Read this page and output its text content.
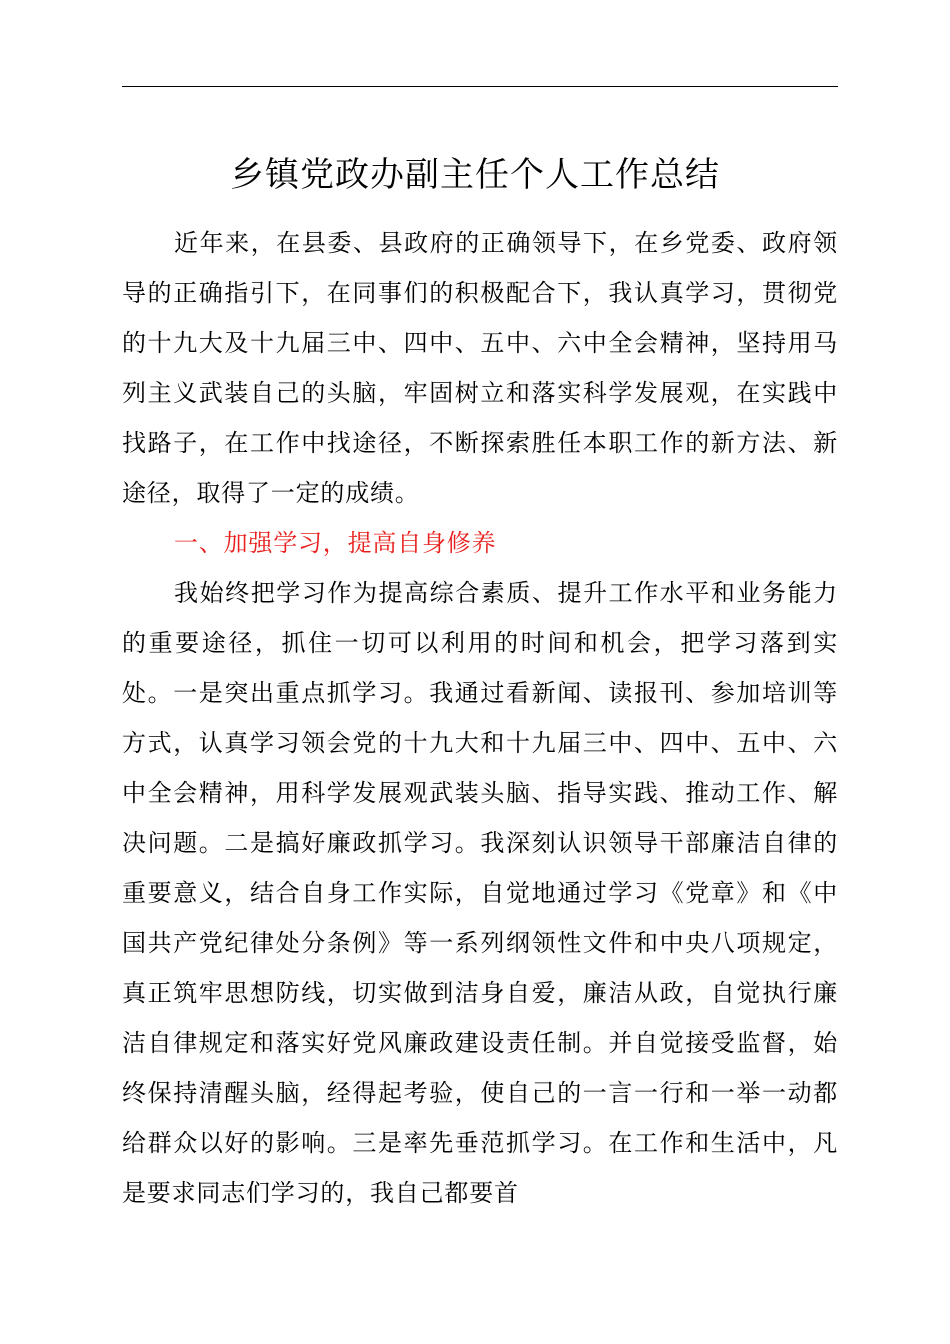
乡镇党政办副主任个人工作总结

近年来，在县委、县政府的正确领导下，在乡党委、政府领导的正确指引下，在同事们的积极配合下，我认真学习，贯彻党的十九大及十九届三中、四中、五中、六中全会精神，坚持用马列主义武装自己的头脑，牢固树立和落实科学发展观，在实践中找路子，在工作中找途径，不断探索胜任本职工作的新方法、新途径，取得了一定的成绩。

一、加强学习，提高自身修养

我始终把学习作为提高综合素质、提升工作水平和业务能力的重要途径，抓住一切可以利用的时间和机会，把学习落到实处。一是突出重点抓学习。我通过看新闻、读报刊、参加培训等方式，认真学习领会党的十九大和十九届三中、四中、五中、六中全会精神，用科学发展观武装头脑、指导实践、推动工作、解决问题。二是搞好廉政抓学习。我深刻认识领导干部廉洁自律的重要意义，结合自身工作实际，自觉地通过学习《党章》和《中国共产党纪律处分条例》等一系列纲领性文件和中央八项规定，真正筑牢思想防线，切实做到洁身自爱，廉洁从政，自觉执行廉洁自律规定和落实好党风廉政建设责任制。并自觉接受监督，始终保持清醒头脑，经得起考验，使自己的一言一行和一举一动都给群众以好的影响。三是率先垂范抓学习。在工作和生活中，凡是要求同志们学习的，我自己都要首
